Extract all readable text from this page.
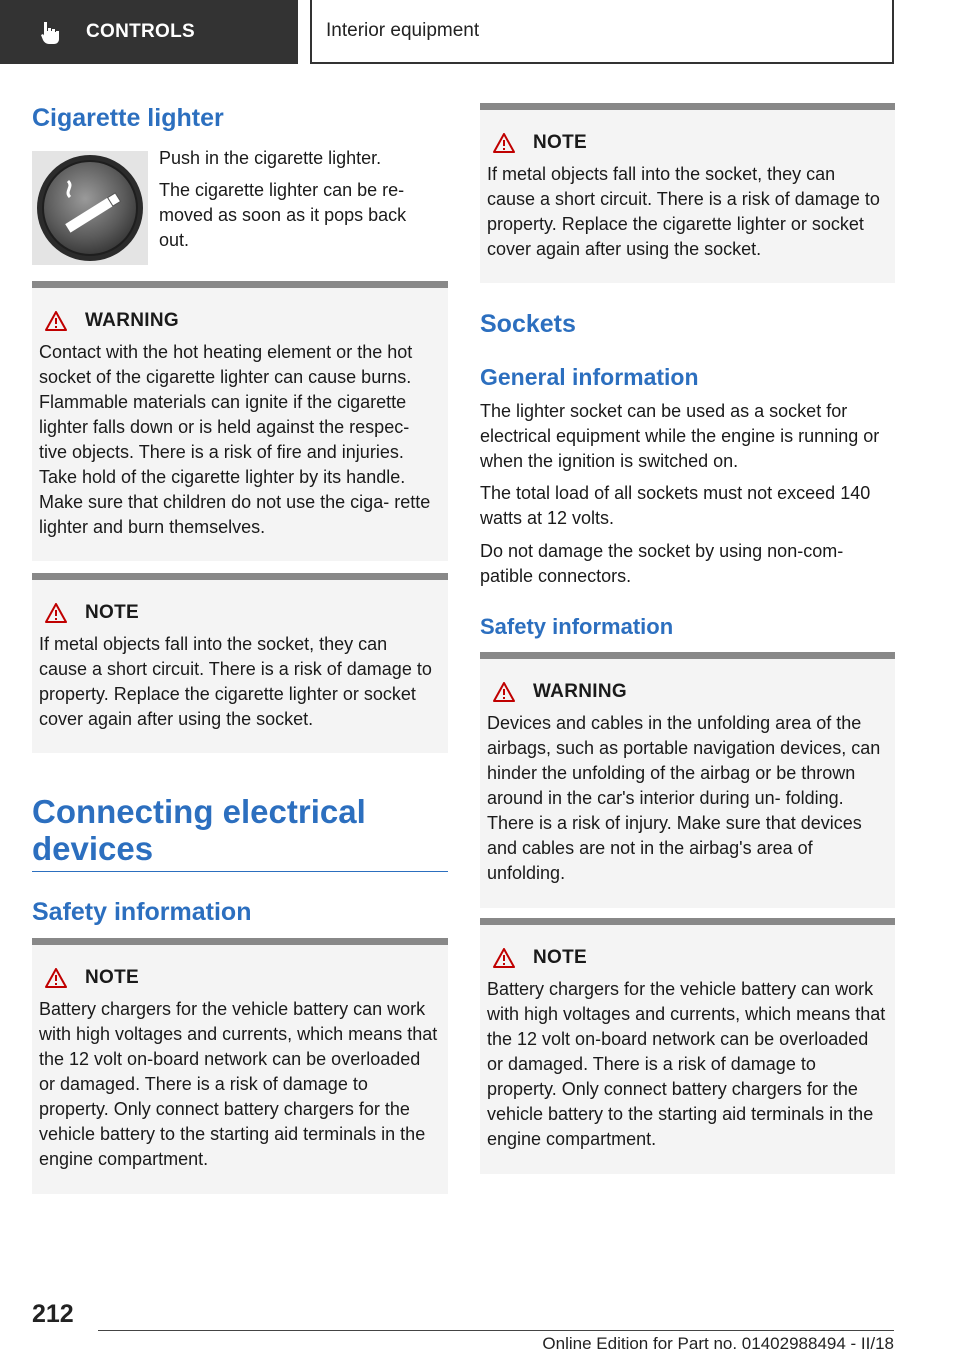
CONTROLS	Interior equipment
Cigarette lighter

Push in the cigarette lighter.

The cigarette lighter can be re-
moved as soon as it pops back
out.

WARNING

Contact with the hot heating element or the hot socket of the cigarette lighter can cause burns. Flammable materials can ignite if the cigarette lighter falls down or is held against the respec- tive objects. There is a risk of fire and injuries. Take hold of the cigarette lighter by its handle. Make sure that children do not use the ciga- rette lighter and burn themselves.

NOTE

If metal objects fall into the socket, they can cause a short circuit. There is a risk of damage to property. Replace the cigarette lighter or socket cover again after using the socket.

Connecting electrical devices
Safety information
NOTE

Battery chargers for the vehicle battery can work with high voltages and currents, which means that the 12 volt on-board network can be overloaded or damaged. There is a risk of damage to property. Only connect battery chargers for the vehicle battery to the starting aid terminals in the engine compartment.

NOTE

If metal objects fall into the socket, they can cause a short circuit. There is a risk of damage to property. Replace the cigarette lighter or socket cover again after using the socket.

Sockets
General information

The lighter socket can be used as a socket for electrical equipment while the engine is running or when the ignition is switched on.

The total load of all sockets must not exceed 140 watts at 12 volts.

Do not damage the socket by using non-com- patible connectors.

Safety information
WARNING

Devices and cables in the unfolding area of the airbags, such as portable navigation devices, can hinder the unfolding of the airbag or be thrown around in the car's interior during un- folding. There is a risk of injury. Make sure that devices and cables are not in the airbag's area of unfolding.

NOTE

Battery chargers for the vehicle battery can work with high voltages and currents, which means that the 12 volt on-board network can be overloaded or damaged. There is a risk of damage to property. Only connect battery chargers for the vehicle battery to the starting aid terminals in the engine compartment.

212
Online Edition for Part no. 01402988494 - II/18
